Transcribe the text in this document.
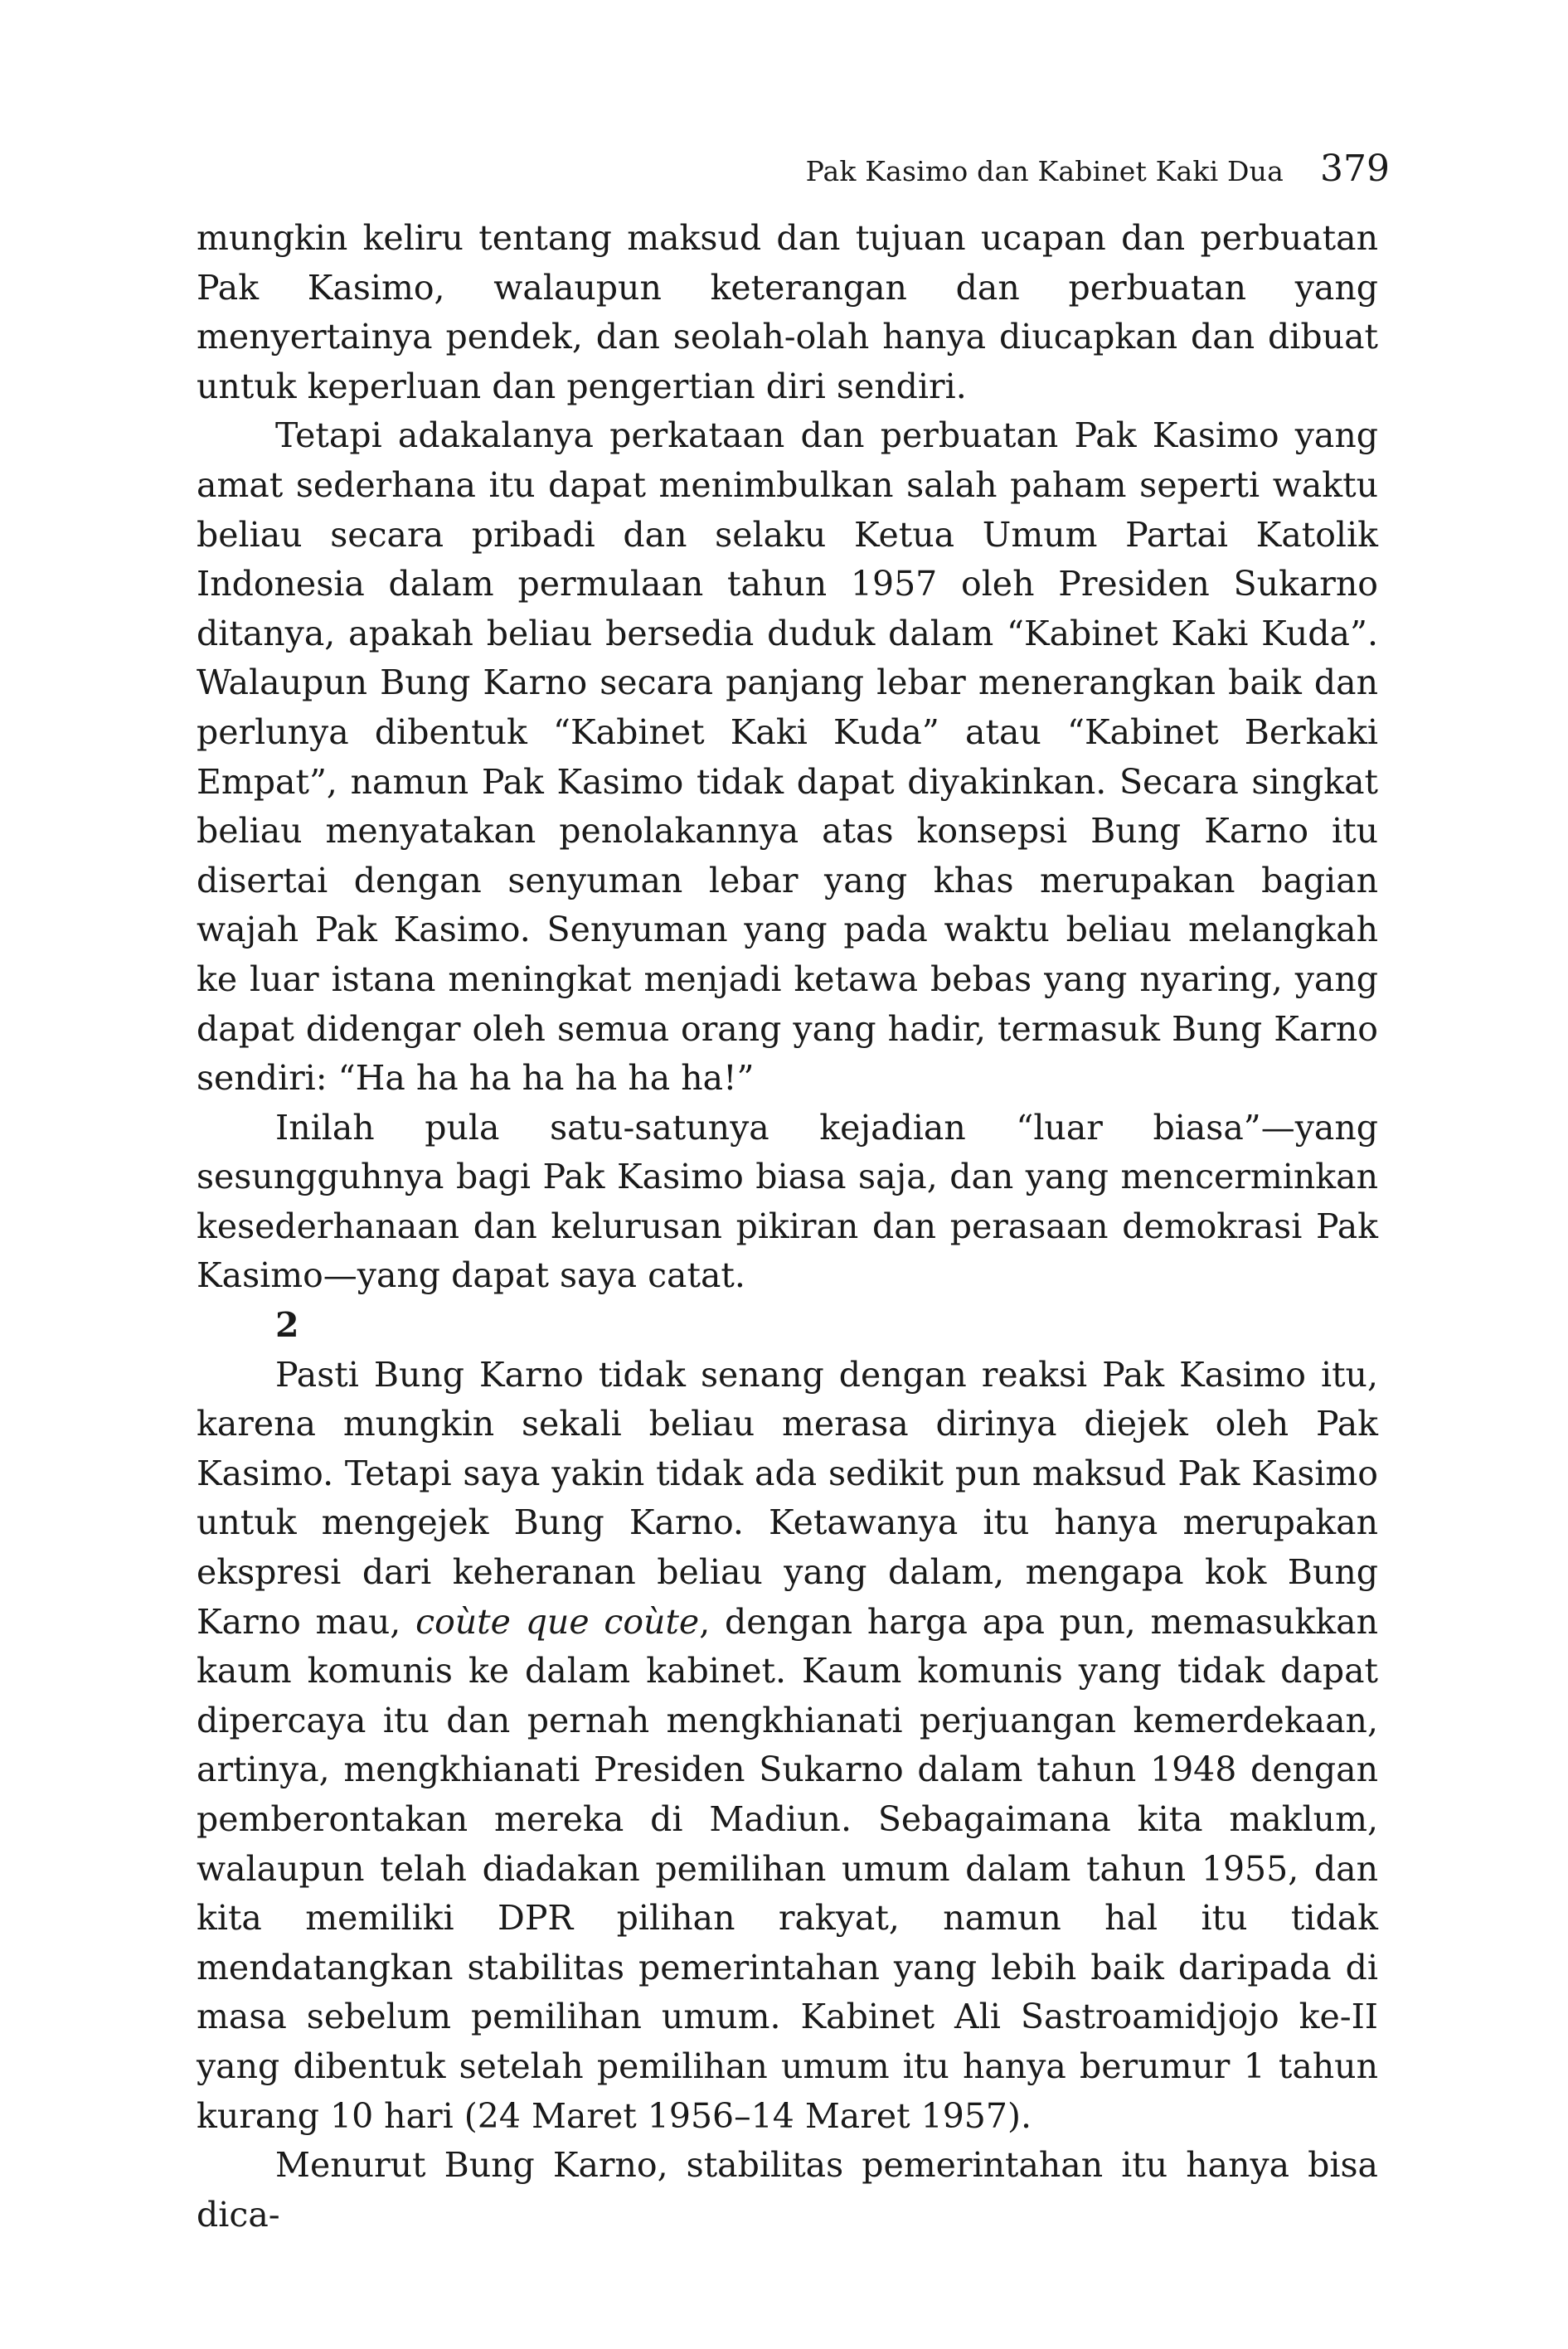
Pak Kasimo dan Kabinet Kaki Dua 379

mungkin keliru tentang maksud dan tujuan ucapan dan perbuatan Pak Kasimo, walaupun keterangan dan perbuatan yang menyertainya pendek, dan seolah-olah hanya diucapkan dan dibuat untuk keperluan dan pengertian diri sendiri.

Tetapi adakalanya perkataan dan perbuatan Pak Kasimo yang amat sederhana itu dapat menimbulkan salah paham seperti waktu beliau secara pribadi dan selaku Ketua Umum Partai Katolik Indonesia dalam permulaan tahun 1957 oleh Presiden Sukarno ditanya, apakah beliau bersedia duduk dalam “Kabinet Kaki Kuda”. Walaupun Bung Karno secara panjang lebar menerangkan baik dan perlunya dibentuk “Kabinet Kaki Kuda” atau “Kabinet Berkaki Empat”, namun Pak Kasimo tidak dapat diyakinkan. Secara singkat beliau menyatakan penolakannya atas konsepsi Bung Karno itu disertai dengan senyuman lebar yang khas merupakan bagian wajah Pak Kasimo. Senyuman yang pada waktu beliau melangkah ke luar istana meningkat menjadi ketawa bebas yang nyaring, yang dapat didengar oleh semua orang yang hadir, termasuk Bung Karno sendiri: “Ha ha ha ha ha ha ha!”

Inilah pula satu-satunya kejadian “luar biasa”—yang sesungguhnya bagi Pak Kasimo biasa saja, dan yang mencerminkan kesederhanaan dan kelurusan pikiran dan perasaan demokrasi Pak Kasimo—yang dapat saya catat.

2

Pasti Bung Karno tidak senang dengan reaksi Pak Kasimo itu, karena mungkin sekali beliau merasa dirinya diejek oleh Pak Kasimo. Tetapi saya yakin tidak ada sedikit pun maksud Pak Kasimo untuk mengejek Bung Karno. Ketawanya itu hanya merupakan ekspresi dari keheranan beliau yang dalam, mengapa kok Bung Karno mau, coùte que coùte, dengan harga apa pun, memasukkan kaum komunis ke dalam kabinet. Kaum komunis yang tidak dapat dipercaya itu dan pernah mengkhianati perjuangan kemerdekaan, artinya, mengkhianati Presiden Sukarno dalam tahun 1948 dengan pemberontakan mereka di Madiun. Sebagaimana kita maklum, walaupun telah diadakan pemilihan umum dalam tahun 1955, dan kita memiliki DPR pilihan rakyat, namun hal itu tidak mendatangkan stabilitas pemerintahan yang lebih baik daripada di masa sebelum pemilihan umum. Kabinet Ali Sastroamidjojo ke-II yang dibentuk setelah pemilihan umum itu hanya berumur 1 tahun kurang 10 hari (24 Maret 1956–14 Maret 1957).

Menurut Bung Karno, stabilitas pemerintahan itu hanya bisa dica-
